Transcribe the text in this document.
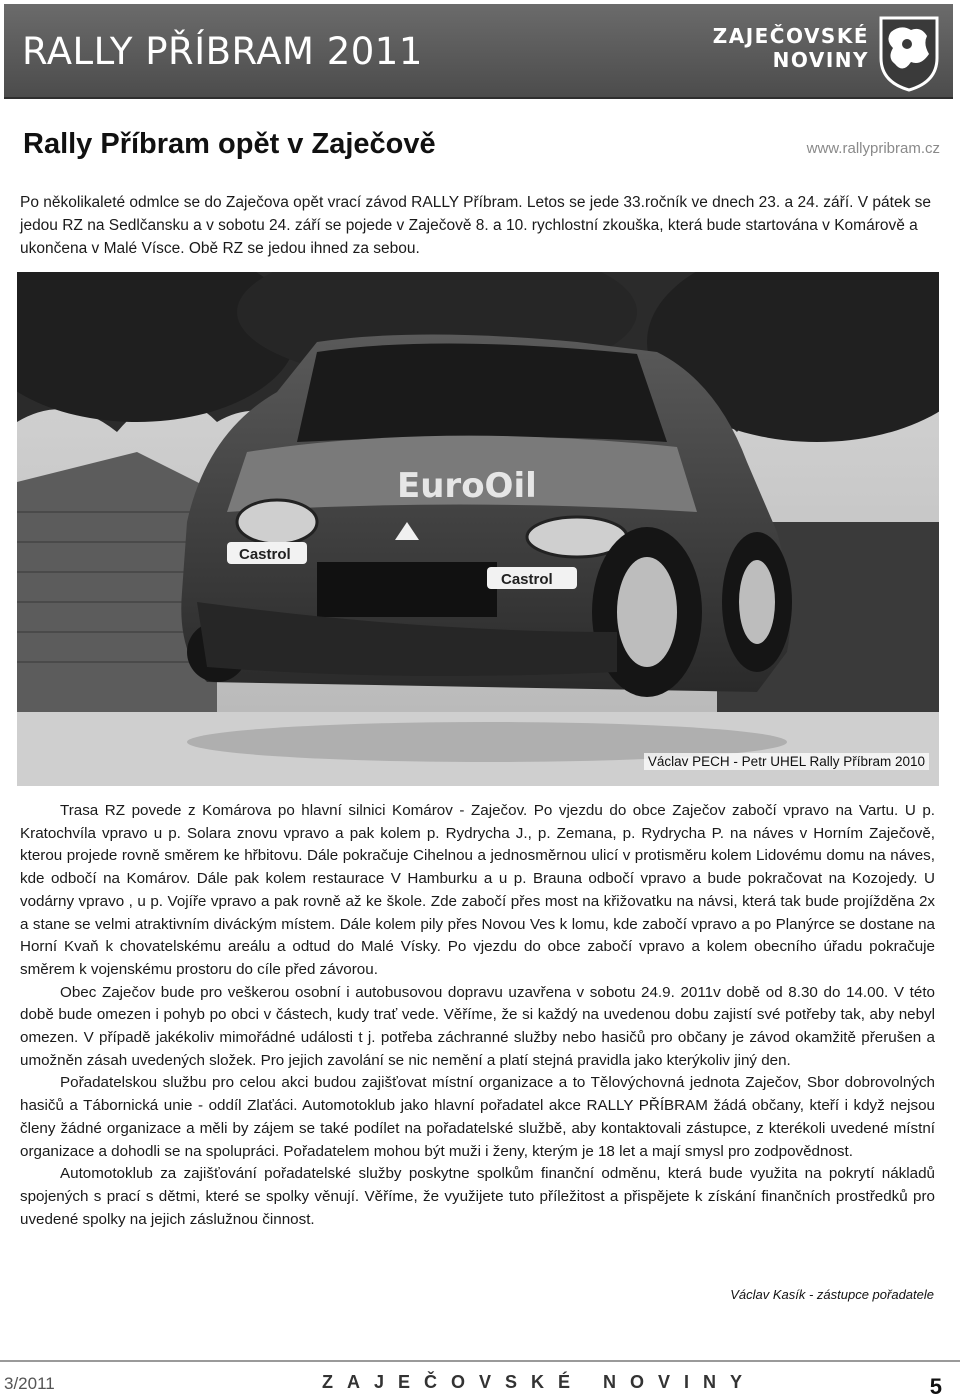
RALLY PŘÍBRAM 2011	ZAJEČOVSKÉ
NOVINY
Rally Příbram opět v Zaječově	www.rallypribram.cz
Po několikaleté odmlce se do Zaječova opět vrací závod RALLY Příbram. Letos se jede 33.ročník ve dnech 23. a 24. září. V pátek se jedou RZ na Sedlčansku a v sobotu 24. září se pojede v Zaječově 8. a 10. rychlostní zkouška, která bude startována v Komárově a ukončena v Malé Vísce. Obě RZ se jedou ihned za sebou.
EuroOil
Castrol
Castrol
Václav PECH - Petr UHEL Rally Příbram 2010

Trasa RZ povede z Komárova po hlavní silnici Komárov - Zaječov. Po vjezdu do obce Zaječov zabočí vpravo na Vartu. U p. Kratochvíla vpravo u p. Solara znovu vpravo a pak kolem p. Rydrycha J., p. Zemana, p. Rydrycha P. na náves v Horním Zaječově, kterou projede rovně směrem ke hřbitovu. Dále pokračuje Cihelnou a jednosměrnou ulicí v protisměru kolem Lidovému domu na náves, kde odbočí na Komárov. Dále pak kolem restaurace V Hamburku a u p. Brauna odbočí vpravo a bude pokračovat na Kozojedy. U vodárny vpravo , u p. Vojíře vpravo a pak rovně až ke škole. Zde zabočí přes most na křižovatku na návsi, která tak bude projížděna 2x a stane se velmi atraktivním diváckým místem. Dále kolem pily přes Novou Ves k lomu, kde zabočí vpravo a po Planýrce se dostane na Horní Kvaň k chovatelskému areálu a odtud do Malé Vísky. Po vjezdu do obce zabočí vpravo a kolem obecního úřadu pokračuje směrem k vojenskému prostoru do cíle před závorou.

Obec Zaječov bude pro veškerou osobní i autobusovou dopravu uzavřena v sobotu 24.9. 2011v době od 8.30 do 14.00. V této době bude omezen i pohyb po obci v částech, kudy trať vede. Věříme, že si každý na uvedenou dobu zajistí své potřeby tak, aby nebyl omezen. V případě jakékoliv mimořádné události t j. potřeba záchranné služby nebo hasičů pro občany je závod okamžitě přerušen a umožněn zásah uvedených složek. Pro jejich zavolání se nic nemění a platí stejná pravidla jako kterýkoliv jiný den.

Pořadatelskou službu pro celou akci budou zajišťovat místní organizace a to Tělovýchovná jednota Zaječov, Sbor dobrovolných hasičů a Tábornická unie - oddíl Zlaťáci. Automotoklub jako hlavní pořadatel akce RALLY PŘÍBRAM žádá občany, kteří i když nejsou členy žádné organizace a měli by zájem se také podílet na pořadatelské službě, aby kontaktovali zástupce, z kterékoli uvedené místní organizace a dohodli se na spolupráci. Pořadatelem mohou být muži i ženy, kterým je 18 let a mají smysl pro zodpovědnost.

Automotoklub za zajišťování pořadatelské služby poskytne spolkům finanční odměnu, která bude využita na pokrytí nákladů spojených s prací s dětmi, které se spolky věnují. Věříme, že využijete tuto příležitost a přispějete k získání finančních prostředků pro uvedené spolky na jejich záslužnou činnost.

Václav Kasík - zástupce pořadatele
3/2011	ZAJEČOVSKÉ NOVINY	5
